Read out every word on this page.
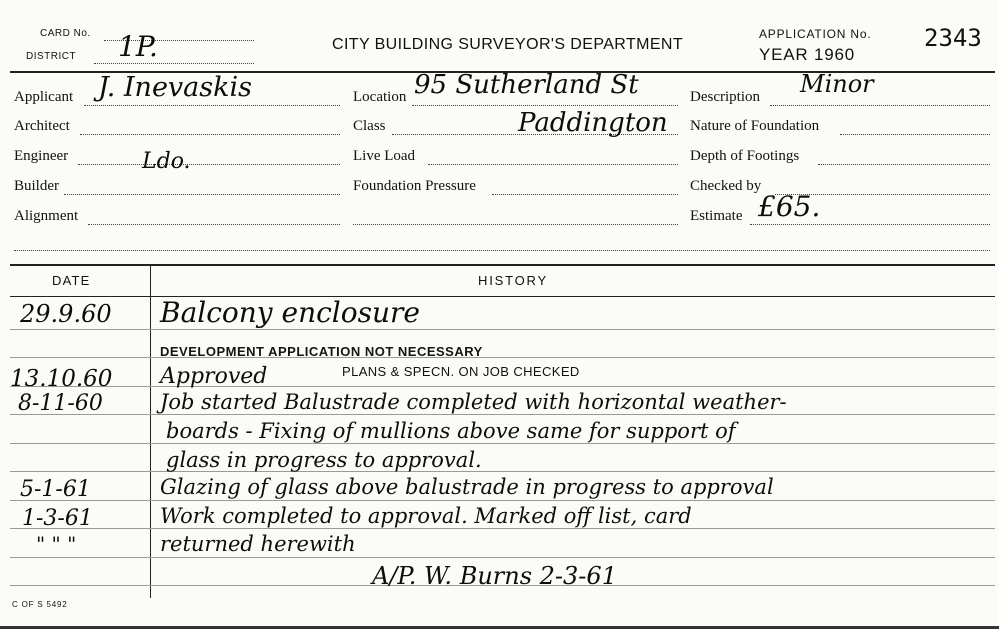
CARD No.
DISTRICT 1P.	CITY BUILDING SURVEYOR'S DEPARTMENT
APPLICATION No.
YEAR 1960
2343
Applicant J. Inevaskis
Architect
Engineer	Ldo.
Builder
Alignment
Location 95 Sutherland St
Class	Paddington
Live Load
Foundation Pressure
Description Minor
Nature of Foundation
Depth of Footings
Checked by
Estimate £65.
DATE	HISTORY
29.9.60 Balcony enclosure
DEVELOPMENT APPLICATION NOT NECESSARY
13.10.60 Approved	PLANS & SPECN. ON JOB CHECKED
8-11-60	Job started Balustrade completed with horizontal weather-
boards - Fixing of mullions above same for support of
glass in progress to approval.
5-1-61	Glazing of glass above balustrade in progress to approval
1-3-61	Work completed to approval. Marked off list, card
" " "	returned herewith
A/P. W. Burns 2-3-61
C OF S 5492
